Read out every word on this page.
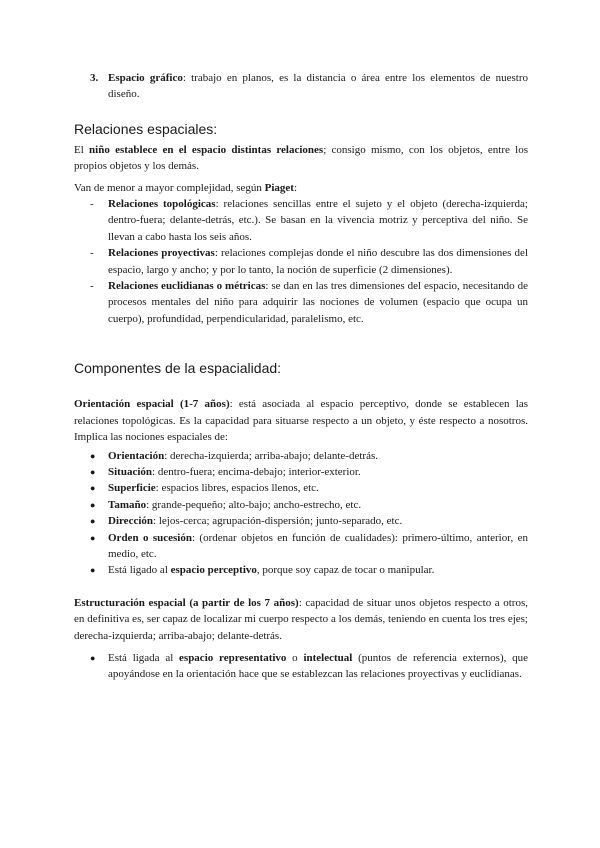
3. Espacio gráfico: trabajo en planos, es la distancia o área entre los elementos de nuestro diseño.
Relaciones espaciales:

El niño establece en el espacio distintas relaciones; consigo mismo, con los objetos, entre los propios objetos y los demás.

Van de menor a mayor complejidad, según Piaget:

-	Relaciones topológicas: relaciones sencillas entre el sujeto y el objeto (derecha-izquierda; dentro-fuera; delante-detrás, etc.). Se basan en la vivencia motriz y perceptiva del niño. Se llevan a cabo hasta los seis años.
-	Relaciones proyectivas: relaciones complejas donde el niño descubre las dos dimensiones del espacio, largo y ancho; y por lo tanto, la noción de superficie (2 dimensiones).
-	Relaciones euclidianas o métricas: se dan en las tres dimensiones del espacio, necesitando de procesos mentales del niño para adquirir las nociones de volumen (espacio que ocupa un cuerpo), profundidad, perpendicularidad, paralelismo, etc.
Componentes de la espacialidad:

Orientación espacial (1-7 años): está asociada al espacio perceptivo, donde se establecen las relaciones topológicas. Es la capacidad para situarse respecto a un objeto, y éste respecto a nosotros. Implica las nociones espaciales de:

●	Orientación: derecha-izquierda; arriba-abajo; delante-detrás.
●	Situación: dentro-fuera; encima-debajo; interior-exterior.
●	Superficie: espacios libres, espacios llenos, etc.
●	Tamaño: grande-pequeño; alto-bajo; ancho-estrecho, etc.
●	Dirección: lejos-cerca; agrupación-dispersión; junto-separado, etc.
●	Orden o sucesión: (ordenar objetos en función de cualidades): primero-último, anterior, en medio, etc.
●	Está ligado al espacio perceptivo, porque soy capaz de tocar o manipular.

Estructuración espacial (a partir de los 7 años): capacidad de situar unos objetos respecto a otros, en definitiva es, ser capaz de localizar mi cuerpo respecto a los demás, teniendo en cuenta los tres ejes; derecha-izquierda; arriba-abajo; delante-detrás.

●	Está ligada al espacio representativo o intelectual (puntos de referencia externos), que apoyándose en la orientación hace que se establezcan las relaciones proyectivas y euclidianas.
